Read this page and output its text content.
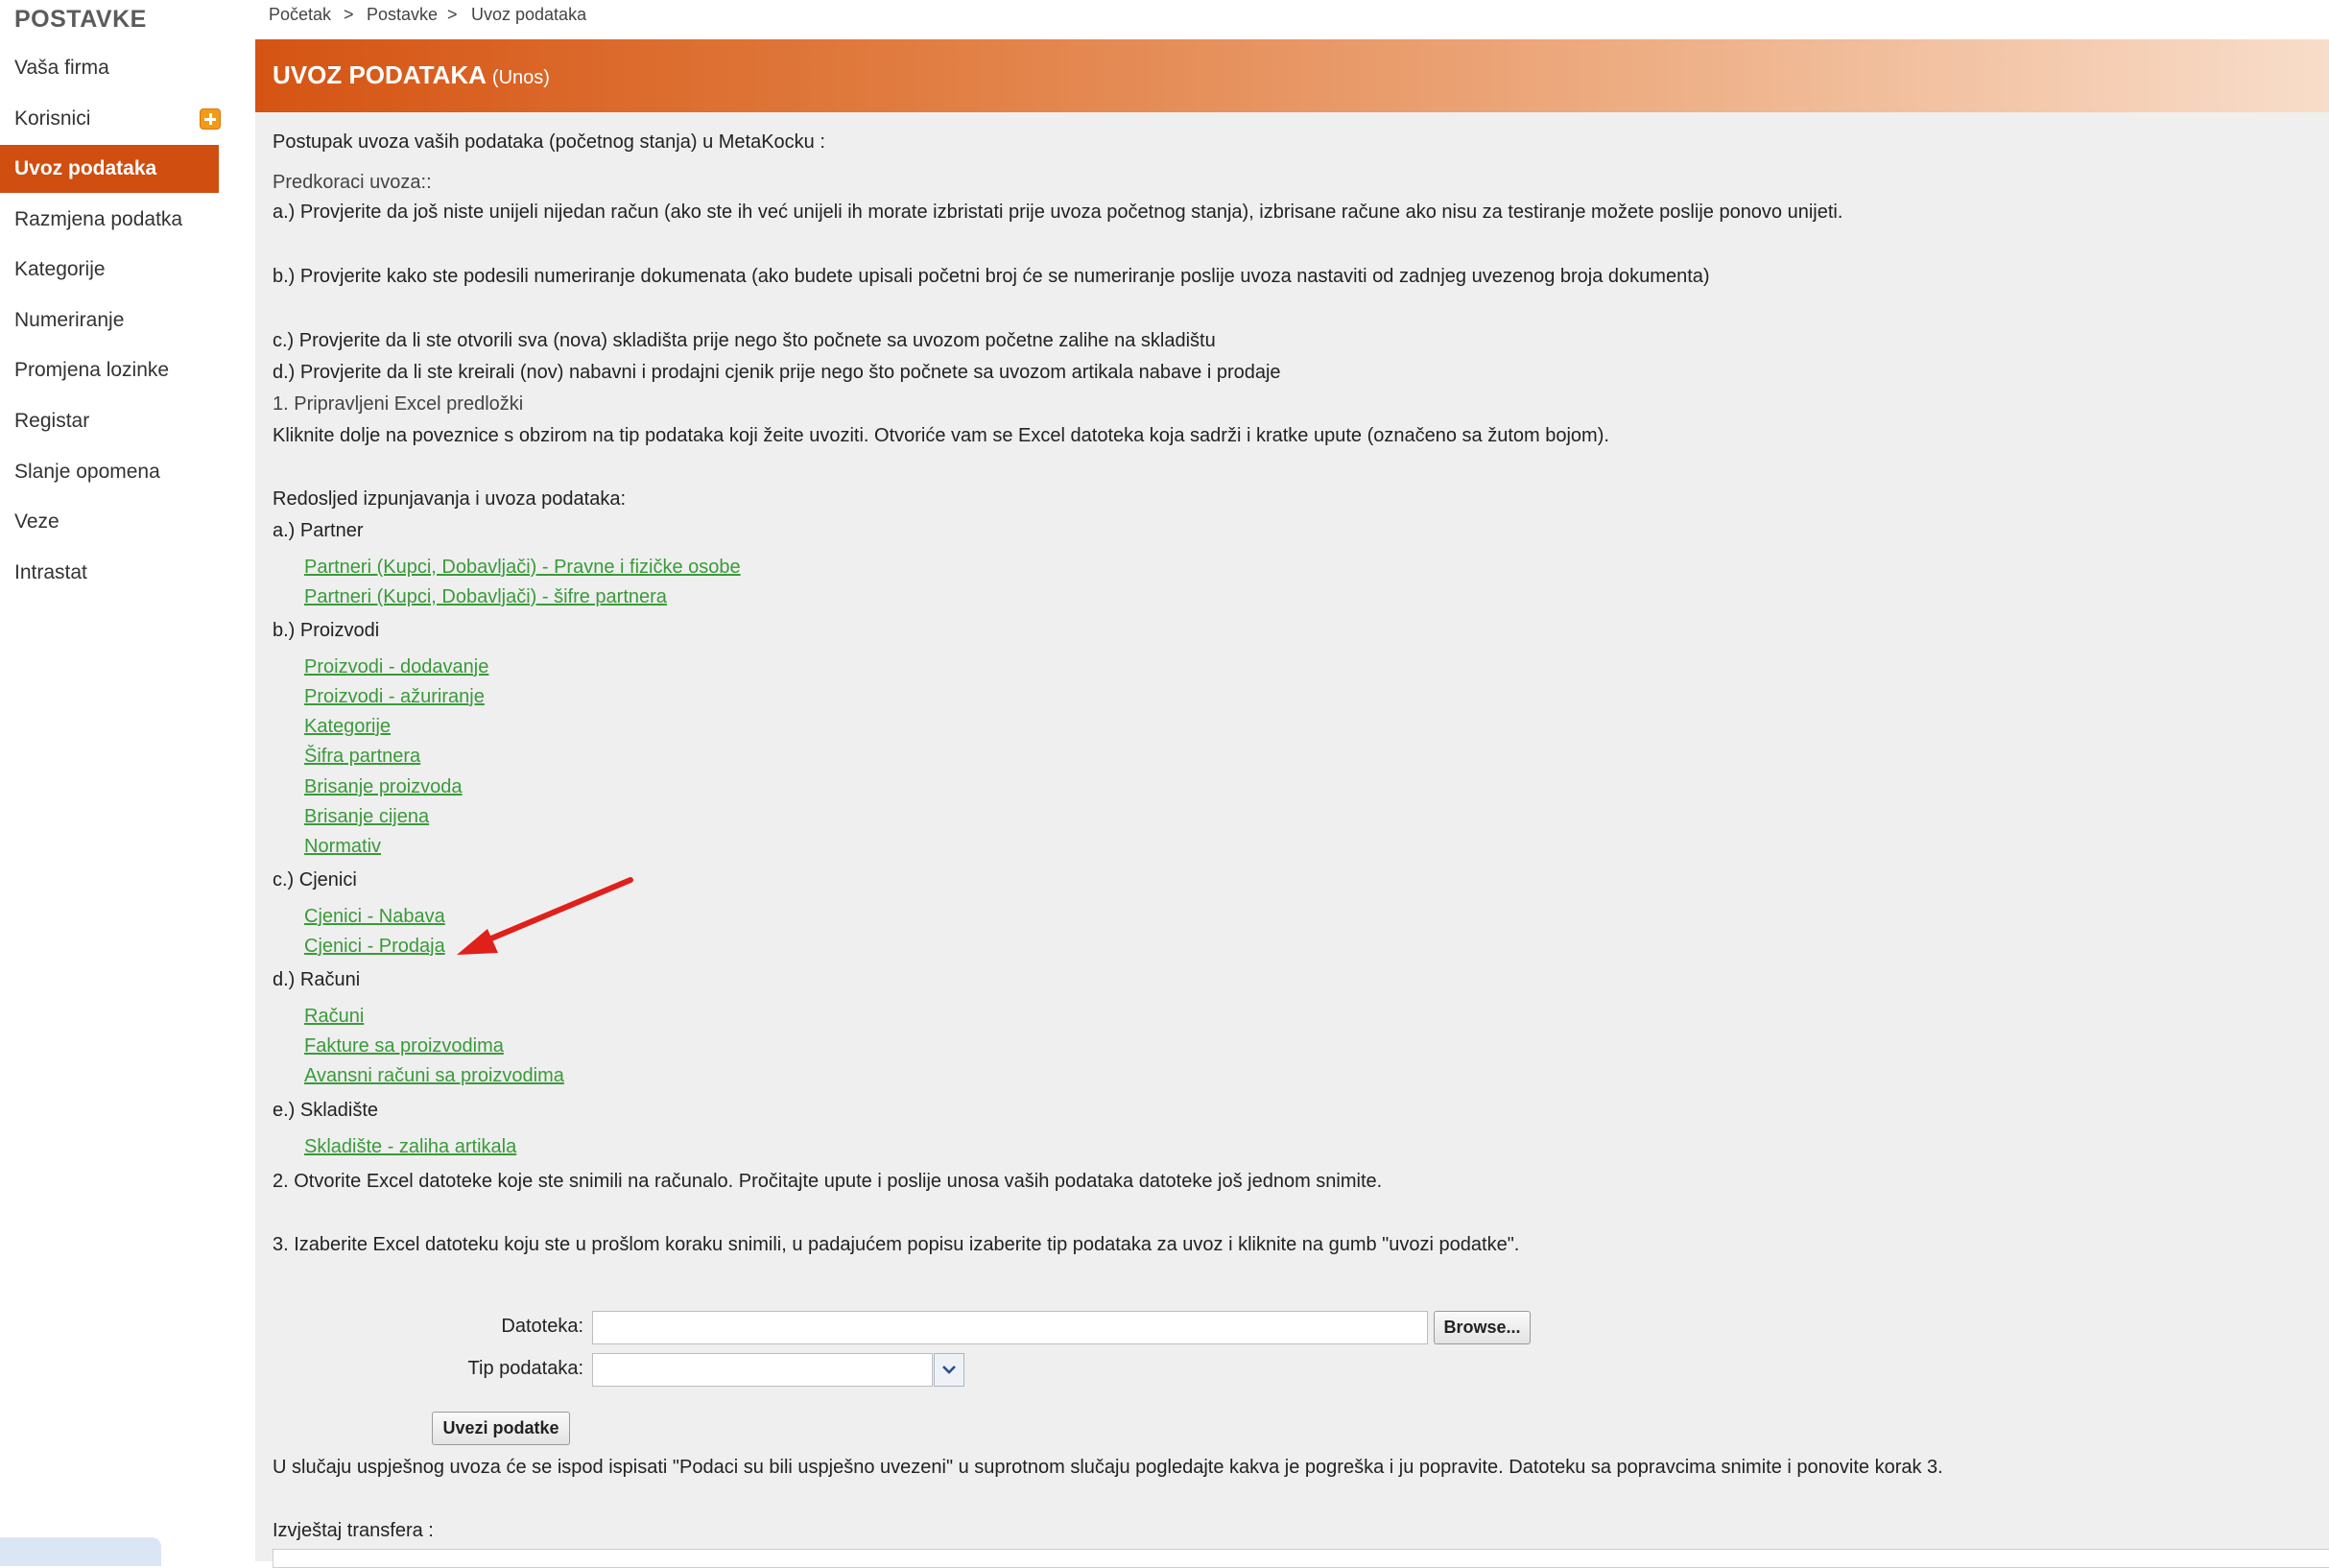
POSTAVKE
Vaša firma
Korisnici
Uvoz podataka
Razmjena podatka
Kategorije
Numeriranje
Promjena lozinke
Registar
Slanje opomena
Veze
Intrastat
Početak > Postavke > Uvoz podataka
UVOZ PODATAKA (Unos)
Postupak uvoza vaših podataka (početnog stanja) u MetaKocku :
Predkoraci uvoza::
a.) Provjerite da još niste unijeli nijedan račun (ako ste ih već unijeli ih morate izbristati prije uvoza početnog stanja), izbrisane račune ako nisu za testiranje možete poslije ponovo unijeti.
b.) Provjerite kako ste podesili numeriranje dokumenata (ako budete upisali početni broj će se numeriranje poslije uvoza nastaviti od zadnjeg uvezenog broja dokumenta)
c.) Provjerite da li ste otvorili sva (nova) skladišta prije nego što počnete sa uvozom početne zalihe na skladištu
d.) Provjerite da li ste kreirali (nov) nabavni i prodajni cjenik prije nego što počnete sa uvozom artikala nabave i prodaje
1. Pripravljeni Excel predložki
Kliknite dolje na poveznice s obzirom na tip podataka koji žeite uvoziti. Otvoriće vam se Excel datoteka koja sadrži i kratke upute (označeno sa žutom bojom).
Redosljed izpunjavanja i uvoza podataka:
a.) Partner
Partneri (Kupci, Dobavljači) - Pravne i fizičke osobe
Partneri (Kupci, Dobavljači) - šifre partnera
b.) Proizvodi
Proizvodi - dodavanje
Proizvodi - ažuriranje
Kategorije
Šifra partnera
Brisanje proizvoda
Brisanje cijena
Normativ
c.) Cjenici
Cjenici - Nabava
Cjenici - Prodaja
d.) Računi
Računi
Fakture sa proizvodima
Avansni računi sa proizvodima
e.) Skladište
Skladište - zaliha artikala
2. Otvorite Excel datoteke koje ste snimili na računalo. Pročitajte upute i poslije unosa vaših podataka datoteke još jednom snimite.
3. Izaberite Excel datoteku koju ste u prošlom koraku snimili, u padajućem popisu izaberite tip podataka za uvoz i kliknite na gumb "uvozi podatke".
Datoteka:	Browse...
Tip podataka:
Uvezi podatke
U slučaju uspješnog uvoza će se ispod ispisati "Podaci su bili uspješno uvezeni" u suprotnom slučaju pogledajte kakva je pogreška i ju popravite. Datoteku sa popravcima snimite i ponovite korak 3.
Izvještaj transfera :
